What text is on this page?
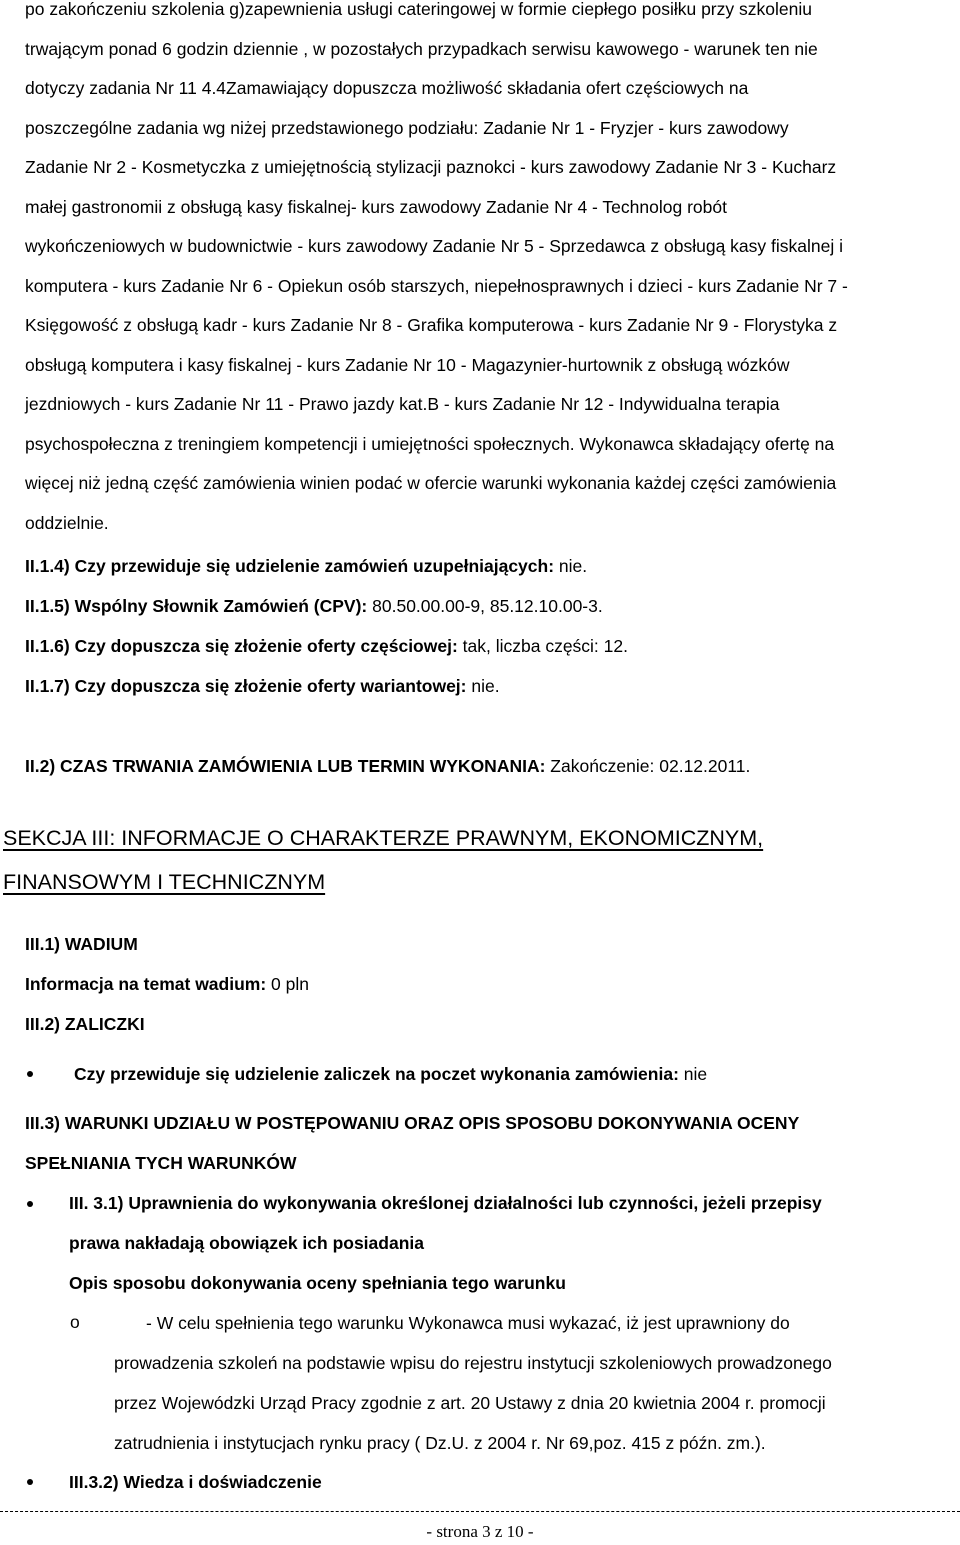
po zakończeniu szkolenia g)zapewnienia usługi cateringowej w formie ciepłego posiłku przy szkoleniu
trwającym ponad 6 godzin dziennie , w pozostałych przypadkach serwisu kawowego - warunek ten nie
dotyczy zadania Nr 11 4.4Zamawiający dopuszcza możliwość składania ofert częściowych na
poszczególne zadania wg niżej przedstawionego podziału: Zadanie Nr 1 - Fryzjer - kurs zawodowy
Zadanie Nr 2 - Kosmetyczka z umiejętnością stylizacji paznokci - kurs zawodowy Zadanie Nr 3 - Kucharz
małej gastronomii z obsługą kasy fiskalnej- kurs zawodowy Zadanie Nr 4 - Technolog robót
wykończeniowych w budownictwie - kurs zawodowy Zadanie Nr 5 - Sprzedawca z obsługą kasy fiskalnej i
komputera - kurs Zadanie Nr 6 - Opiekun osób starszych, niepełnosprawnych i dzieci - kurs Zadanie Nr 7 -
Księgowość z obsługą kadr - kurs Zadanie Nr 8 - Grafika komputerowa - kurs Zadanie Nr 9 - Florystyka z
obsługą komputera i kasy fiskalnej - kurs Zadanie Nr 10 - Magazynier-hurtownik z obsługą wózków
jezdniowych - kurs Zadanie Nr 11 - Prawo jazdy kat.B - kurs Zadanie Nr 12 - Indywidualna terapia
psychospołeczna z treningiem kompetencji i umiejętności społecznych. Wykonawca składający ofertę na
więcej niż jedną część zamówienia winien podać w ofercie warunki wykonania każdej części zamówienia
oddzielnie.

II.1.4) Czy przewiduje się udzielenie zamówień uzupełniających: nie.

II.1.5) Wspólny Słownik Zamówień (CPV): 80.50.00.00-9, 85.12.10.00-3.

II.1.6) Czy dopuszcza się złożenie oferty częściowej: tak, liczba części: 12.

II.1.7) Czy dopuszcza się złożenie oferty wariantowej: nie.

II.2) CZAS TRWANIA ZAMÓWIENIA LUB TERMIN WYKONANIA: Zakończenie: 02.12.2011.

SEKCJA III: INFORMACJE O CHARAKTERZE PRAWNYM, EKONOMICZNYM,
FINANSOWYM I TECHNICZNYM

III.1) WADIUM

Informacja na temat wadium: 0 pln

III.2) ZALICZKI

Czy przewiduje się udzielenie zaliczek na poczet wykonania zamówienia: nie

III.3) WARUNKI UDZIAŁU W POSTĘPOWANIU ORAZ OPIS SPOSOBU DOKONYWANIA OCENY

SPEŁNIANIA TYCH WARUNKÓW

III. 3.1) Uprawnienia do wykonywania określonej działalności lub czynności, jeżeli przepisy

prawa nakładają obowiązek ich posiadania

Opis sposobu dokonywania oceny spełniania tego warunku

o	- W celu spełnienia tego warunku Wykonawca musi wykazać, iż jest uprawniony do

prowadzenia szkoleń na podstawie wpisu do rejestru instytucji szkoleniowych prowadzonego

przez Wojewódzki Urząd Pracy zgodnie z art. 20 Ustawy z dnia 20 kwietnia 2004 r. promocji

zatrudnienia i instytucjach rynku pracy ( Dz.U. z 2004 r. Nr 69,poz. 415 z późn. zm.).

III.3.2) Wiedza i doświadczenie

- strona 3 z 10 -
